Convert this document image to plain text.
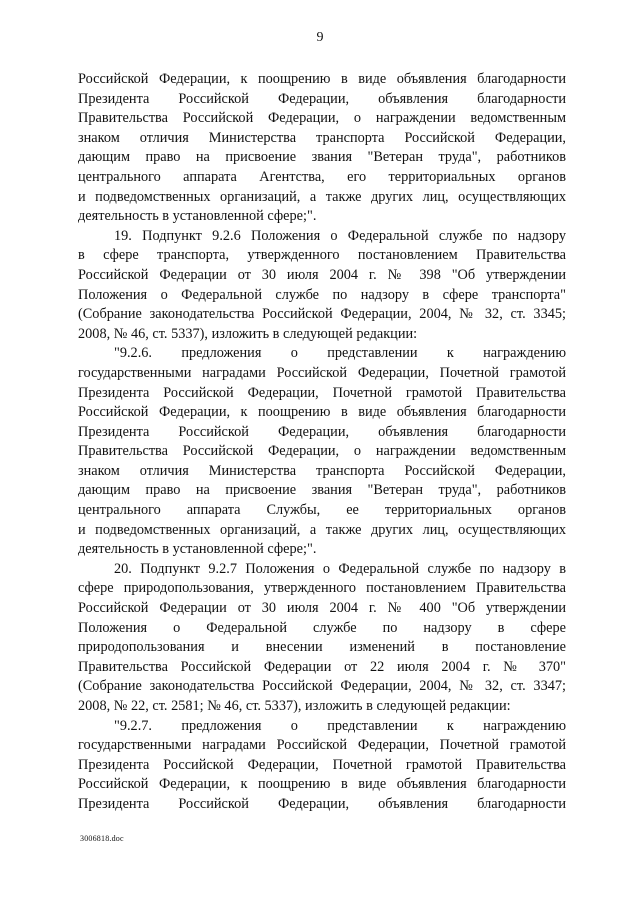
9
Российской Федерации, к поощрению в виде объявления благодарности
Президента Российской Федерации, объявления благодарности
Правительства Российской Федерации, о награждении ведомственным
знаком отличия Министерства транспорта Российской Федерации,
дающим право на присвоение звания "Ветеран труда", работников
центрального аппарата Агентства, его территориальных органов
и подведомственных организаций, а также других лиц, осуществляющих
деятельность в установленной сфере;".
19. Подпункт 9.2.6 Положения о Федеральной службе по надзору
в сфере транспорта, утвержденного постановлением Правительства
Российской Федерации от 30 июля 2004 г. № 398 "Об утверждении
Положения о Федеральной службе по надзору в сфере транспорта"
(Собрание законодательства Российской Федерации, 2004, № 32, ст. 3345;
2008, № 46, ст. 5337), изложить в следующей редакции:
"9.2.6. предложения о представлении к награждению
государственными наградами Российской Федерации, Почетной грамотой
Президента Российской Федерации, Почетной грамотой Правительства
Российской Федерации, к поощрению в виде объявления благодарности
Президента Российской Федерации, объявления благодарности
Правительства Российской Федерации, о награждении ведомственным
знаком отличия Министерства транспорта Российской Федерации,
дающим право на присвоение звания "Ветеран труда", работников
центрального аппарата Службы, ее территориальных органов
и подведомственных организаций, а также других лиц, осуществляющих
деятельность в установленной сфере;".
20. Подпункт 9.2.7 Положения о Федеральной службе по надзору в
сфере природопользования, утвержденного постановлением Правительства
Российской Федерации от 30 июля 2004 г. № 400 "Об утверждении
Положения о Федеральной службе по надзору в сфере
природопользования и внесении изменений в постановление
Правительства Российской Федерации от 22 июля 2004 г. № 370"
(Собрание законодательства Российской Федерации, 2004, № 32, ст. 3347;
2008, № 22, ст. 2581; № 46, ст. 5337), изложить в следующей редакции:
"9.2.7. предложения о представлении к награждению
государственными наградами Российской Федерации, Почетной грамотой
Президента Российской Федерации, Почетной грамотой Правительства
Российской Федерации, к поощрению в виде объявления благодарности
Президента Российской Федерации, объявления благодарности
3006818.doc
